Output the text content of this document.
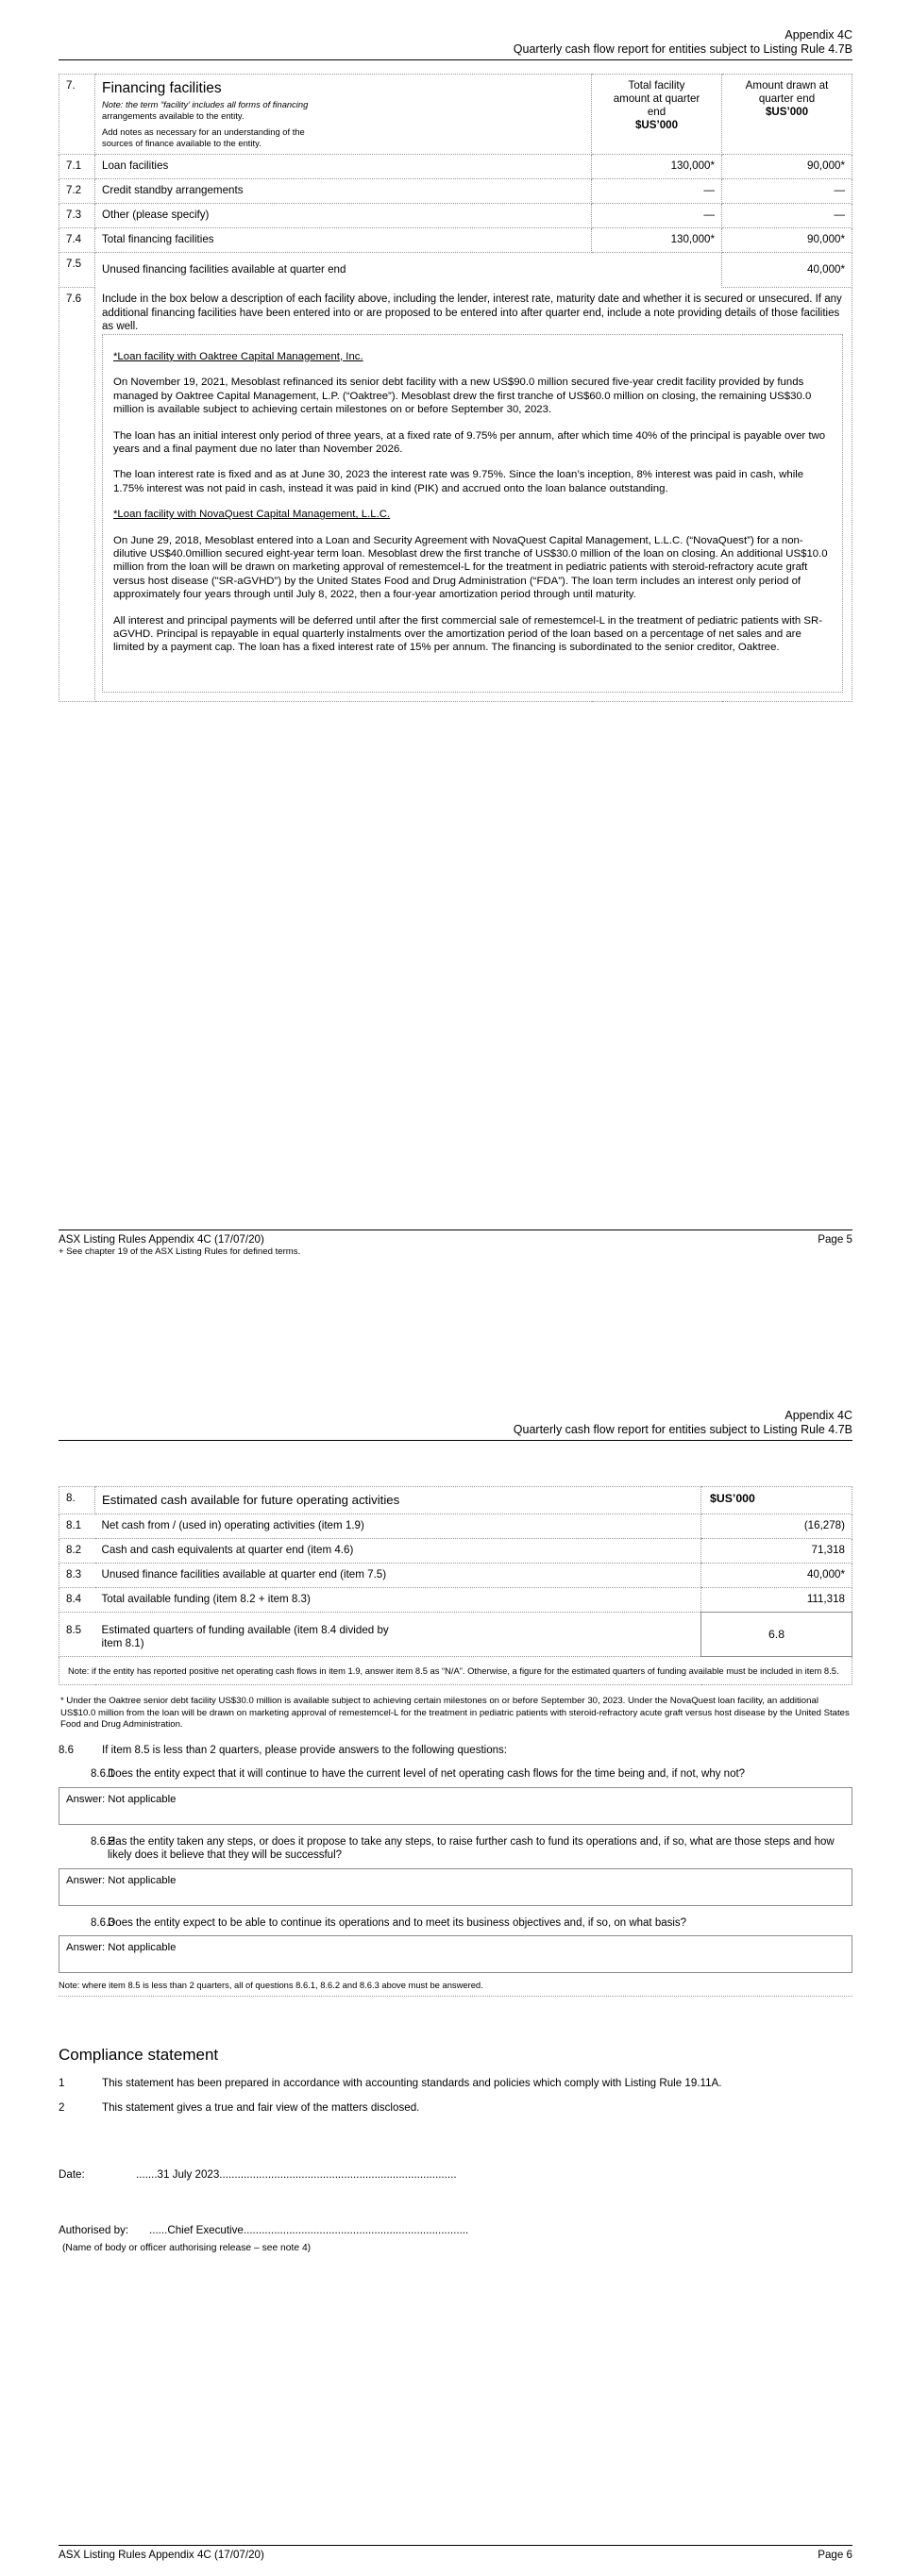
Appendix 4C
Quarterly cash flow report for entities subject to Listing Rule 4.7B
7.	Financing facilities

Note: the term “facility’ includes all forms of financing

arrangements available to the entity.

Add notes as necessary for an understanding of the

sources of finance available to the entity.

Total facility
amount at quarter
end
$US’000

Amount drawn at
quarter end
$US’000

7.1	Loan facilities	130,000*	90,000*
7.2	Credit standby arrangements	—	—
7.3	Other (please specify)	—	—
7.4	Total financing facilities	130,000*	90,000*
7.5	Unused financing facilities available at quarter end		40,000*
7.6	Include in the box below a description of each facility above, including the lender, interest rate, maturity date and whether it is secured or unsecured. If any additional financing facilities have been entered into or are proposed to be entered into after quarter end, include a note providing details of those facilities as well.

*Loan facility with Oaktree Capital Management, Inc.

On November 19, 2021, Mesoblast refinanced its senior debt facility with a new US$90.0 million secured five-year credit facility provided by funds managed by Oaktree Capital Management, L.P. (“Oaktree”). Mesoblast drew the first tranche of US$60.0 million on closing, the remaining US$30.0 million is available subject to achieving certain milestones on or before September 30, 2023.

The loan has an initial interest only period of three years, at a fixed rate of 9.75% per annum, after which time 40% of the principal is payable over two years and a final payment due no later than November 2026.

The loan interest rate is fixed and as at June 30, 2023 the interest rate was 9.75%. Since the loan’s inception, 8% interest was paid in cash, while 1.75% interest was not paid in cash, instead it was paid in kind (PIK) and accrued onto the loan balance outstanding.

*Loan facility with NovaQuest Capital Management, L.L.C.

On June 29, 2018, Mesoblast entered into a Loan and Security Agreement with NovaQuest Capital Management, L.L.C. (“NovaQuest”) for a non-dilutive US$40.0million secured eight-year term loan. Mesoblast drew the first tranche of US$30.0 million of the loan on closing. An additional US$10.0 million from the loan will be drawn on marketing approval of remestemcel-L for the treatment in pediatric patients with steroid-refractory acute graft versus host disease ("SR-aGVHD”) by the United States Food and Drug Administration (“FDA”). The loan term includes an interest only period of approximately four years through until July 8, 2022, then a four-year amortization period through until maturity.

All interest and principal payments will be deferred until after the first commercial sale of remestemcel-L in the treatment of pediatric patients with SR-aGVHD. Principal is repayable in equal quarterly instalments over the amortization period of the loan based on a percentage of net sales and are limited by a payment cap. The loan has a fixed interest rate of 15% per annum. The financing is subordinated to the senior creditor, Oaktree.

ASX Listing Rules Appendix 4C (17/07/20)	Page 5
+ See chapter 19 of the ASX Listing Rules for defined terms.
Appendix 4C
Quarterly cash flow report for entities subject to Listing Rule 4.7B
8.	Estimated cash available for future operating activities	$US’000
8.1	Net cash from / (used in) operating activities (item 1.9)	(16,278)
8.2	Cash and cash equivalents at quarter end (item 4.6)	71,318
8.3	Unused finance facilities available at quarter end (item 7.5)	40,000*
8.4	Total available funding (item 8.2 + item 8.3)	111,318
8.5	Estimated quarters of funding available (item 8.4 divided by
item 8.1)	6.8

Note: if the entity has reported positive net operating cash flows in item 1.9, answer item 8.5 as “N/A”. Otherwise, a figure for the estimated quarters of funding available must be included in item 8.5.		
* Under the Oaktree senior debt facility US$30.0 million is available subject to achieving certain milestones on or before September 30, 2023. Under the NovaQuest loan facility, an additional US$10.0 million from the loan will be drawn on marketing approval of remestemcel-L for the treatment in pediatric patients with steroid-refractory acute graft versus host disease by the United States Food and Drug Administration.
8.6	If item 8.5 is less than 2 quarters, please provide answers to the following questions:
8.6.1
Does the entity expect that it will continue to have the current level of net operating cash flows for the time being and, if not, why not?
Answer: Not applicable
8.6.2
Has the entity taken any steps, or does it propose to take any steps, to raise further cash to fund its operations and, if so, what are those steps and how likely does it believe that they will be successful?
Answer: Not applicable
8.6.3
Does the entity expect to be able to continue its operations and to meet its business objectives and, if so, on what basis?
Answer: Not applicable
Note: where item 8.5 is less than 2 quarters, all of questions 8.6.1, 8.6.2 and 8.6.3 above must be answered.
Compliance statement
1	This statement has been prepared in accordance with accounting standards and policies which comply with Listing Rule 19.11A.
2	This statement gives a true and fair view of the matters disclosed.
Date:	.......31 July 2023..............................................................................
Authorised by:	......Chief Executive..........................................................................
(Name of body or officer authorising release – see note 4)
ASX Listing Rules Appendix 4C (17/07/20)	Page 6
